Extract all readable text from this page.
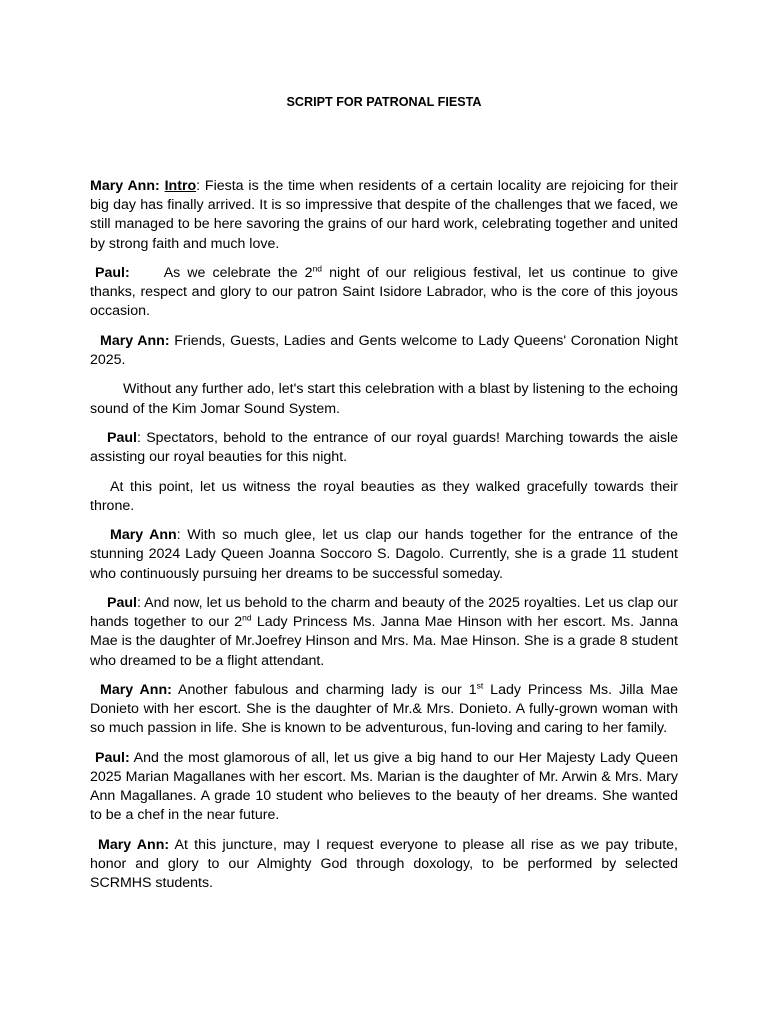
SCRIPT FOR PATRONAL FIESTA

Mary Ann: Intro: Fiesta is the time when residents of a certain locality are rejoicing for their big day has finally arrived. It is so impressive that despite of the challenges that we faced, we still managed to be here savoring the grains of our hard work, celebrating together and united by strong faith and much love.

Paul: As we celebrate the 2nd night of our religious festival, let us continue to give thanks, respect and glory to our patron Saint Isidore Labrador, who is the core of this joyous occasion.

Mary Ann: Friends, Guests, Ladies and Gents welcome to Lady Queens' Coronation Night 2025.

Without any further ado, let's start this celebration with a blast by listening to the echoing sound of the Kim Jomar Sound System.

Paul: Spectators, behold to the entrance of our royal guards! Marching towards the aisle assisting our royal beauties for this night.

At this point, let us witness the royal beauties as they walked gracefully towards their throne.

Mary Ann: With so much glee, let us clap our hands together for the entrance of the stunning 2024 Lady Queen Joanna Soccoro S. Dagolo. Currently, she is a grade 11 student who continuously pursuing her dreams to be successful someday.

Paul: And now, let us behold to the charm and beauty of the 2025 royalties. Let us clap our hands together to our 2nd Lady Princess Ms. Janna Mae Hinson with her escort. Ms. Janna Mae is the daughter of Mr.Joefrey Hinson and Mrs. Ma. Mae Hinson. She is a grade 8 student who dreamed to be a flight attendant.

Mary Ann: Another fabulous and charming lady is our 1st Lady Princess Ms. Jilla Mae Donieto with her escort. She is the daughter of Mr.& Mrs. Donieto. A fully-grown woman with so much passion in life. She is known to be adventurous, fun-loving and caring to her family.

Paul: And the most glamorous of all, let us give a big hand to our Her Majesty Lady Queen 2025 Marian Magallanes with her escort. Ms. Marian is the daughter of Mr. Arwin & Mrs. Mary Ann Magallanes. A grade 10 student who believes to the beauty of her dreams. She wanted to be a chef in the near future.

Mary Ann: At this juncture, may I request everyone to please all rise as we pay tribute, honor and glory to our Almighty God through doxology, to be performed by selected SCRMHS students.
